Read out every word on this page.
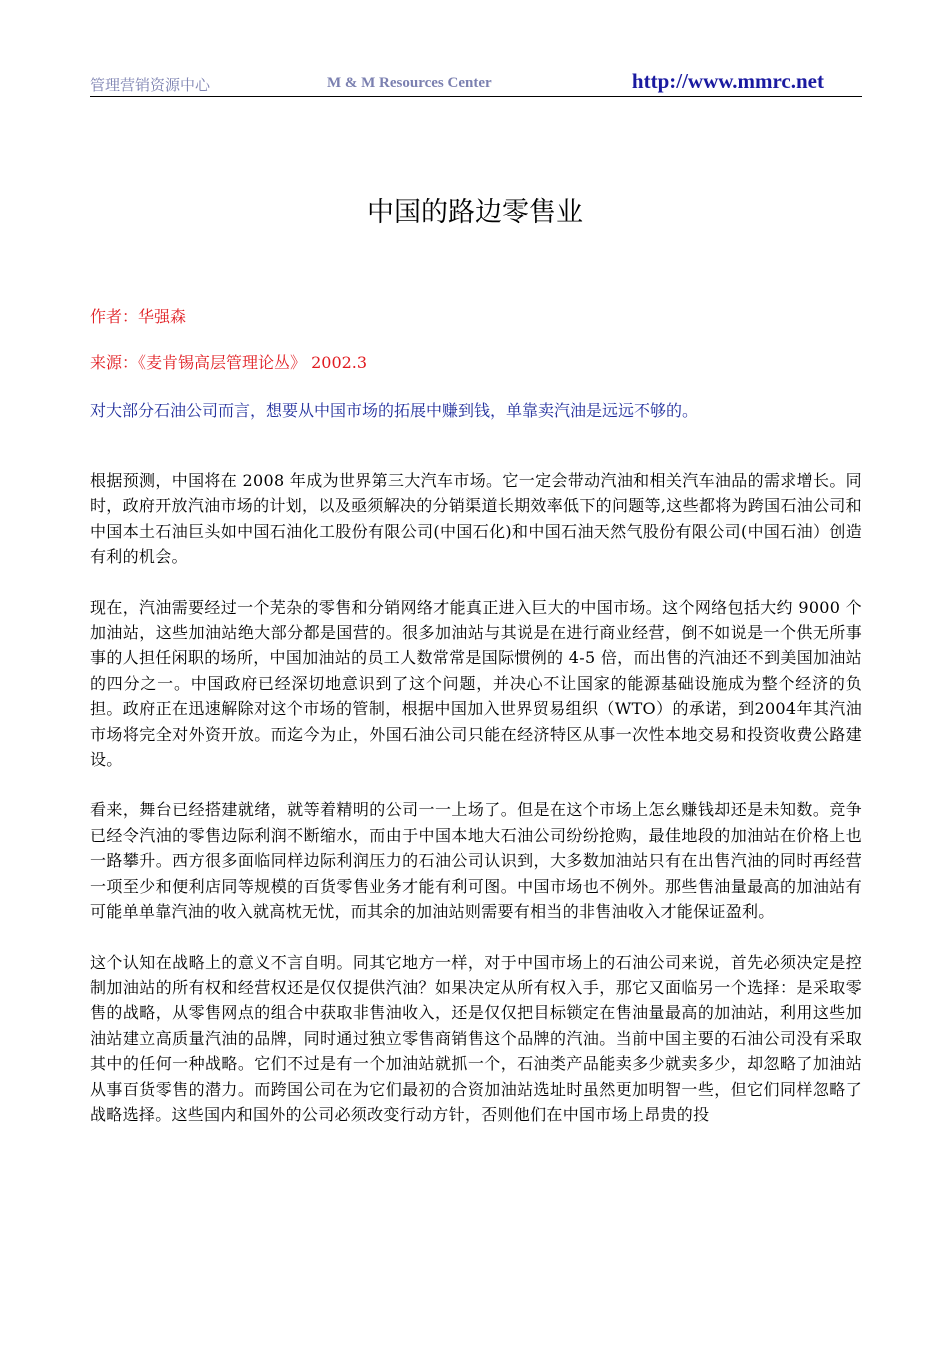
管理营销资源中心	M & M Resources Center	http://www.mmrc.net
中国的路边零售业

作者：华强森

来源：《麦肯锡高层管理论丛》 2002.3

对大部分石油公司而言，想要从中国市场的拓展中赚到钱，单靠卖汽油是远远不够的。

根据预测，中国将在 2008 年成为世界第三大汽车市场。它一定会带动汽油和相关汽车油品的需求增长。同时，政府开放汽油市场的计划，以及亟须解决的分销渠道长期效率低下的问题等,这些都将为跨国石油公司和中国本土石油巨头如中国石油化工股份有限公司(中国石化)和中国石油天然气股份有限公司(中国石油）创造有利的机会。

现在，汽油需要经过一个芜杂的零售和分销网络才能真正进入巨大的中国市场。这个网络包括大约 9000 个加油站，这些加油站绝大部分都是国营的。很多加油站与其说是在进行商业经营，倒不如说是一个供无所事事的人担任闲职的场所，中国加油站的员工人数常常是国际惯例的 4-5 倍，而出售的汽油还不到美国加油站的四分之一。中国政府已经深切地意识到了这个问题，并决心不让国家的能源基础设施成为整个经济的负担。政府正在迅速解除对这个市场的管制，根据中国加入世界贸易组织（WTO）的承诺，到2004年其汽油市场将完全对外资开放。而迄今为止，外国石油公司只能在经济特区从事一次性本地交易和投资收费公路建设。

看来，舞台已经搭建就绪，就等着精明的公司一一上场了。但是在这个市场上怎幺赚钱却还是未知数。竞争已经令汽油的零售边际利润不断缩水，而由于中国本地大石油公司纷纷抢购，最佳地段的加油站在价格上也一路攀升。西方很多面临同样边际利润压力的石油公司认识到，大多数加油站只有在出售汽油的同时再经营一项至少和便利店同等规模的百货零售业务才能有利可图。中国市场也不例外。那些售油量最高的加油站有可能单单靠汽油的收入就高枕无忧，而其余的加油站则需要有相当的非售油收入才能保证盈利。

这个认知在战略上的意义不言自明。同其它地方一样，对于中国市场上的石油公司来说，首先必须决定是控制加油站的所有权和经营权还是仅仅提供汽油？如果决定从所有权入手，那它又面临另一个选择：是采取零售的战略，从零售网点的组合中获取非售油收入，还是仅仅把目标锁定在售油量最高的加油站，利用这些加油站建立高质量汽油的品牌，同时通过独立零售商销售这个品牌的汽油。当前中国主要的石油公司没有采取其中的任何一种战略。它们不过是有一个加油站就抓一个，石油类产品能卖多少就卖多少，却忽略了加油站从事百货零售的潜力。而跨国公司在为它们最初的合资加油站选址时虽然更加明智一些，但它们同样忽略了战略选择。这些国内和国外的公司必须改变行动方针，否则他们在中国市场上昂贵的投
